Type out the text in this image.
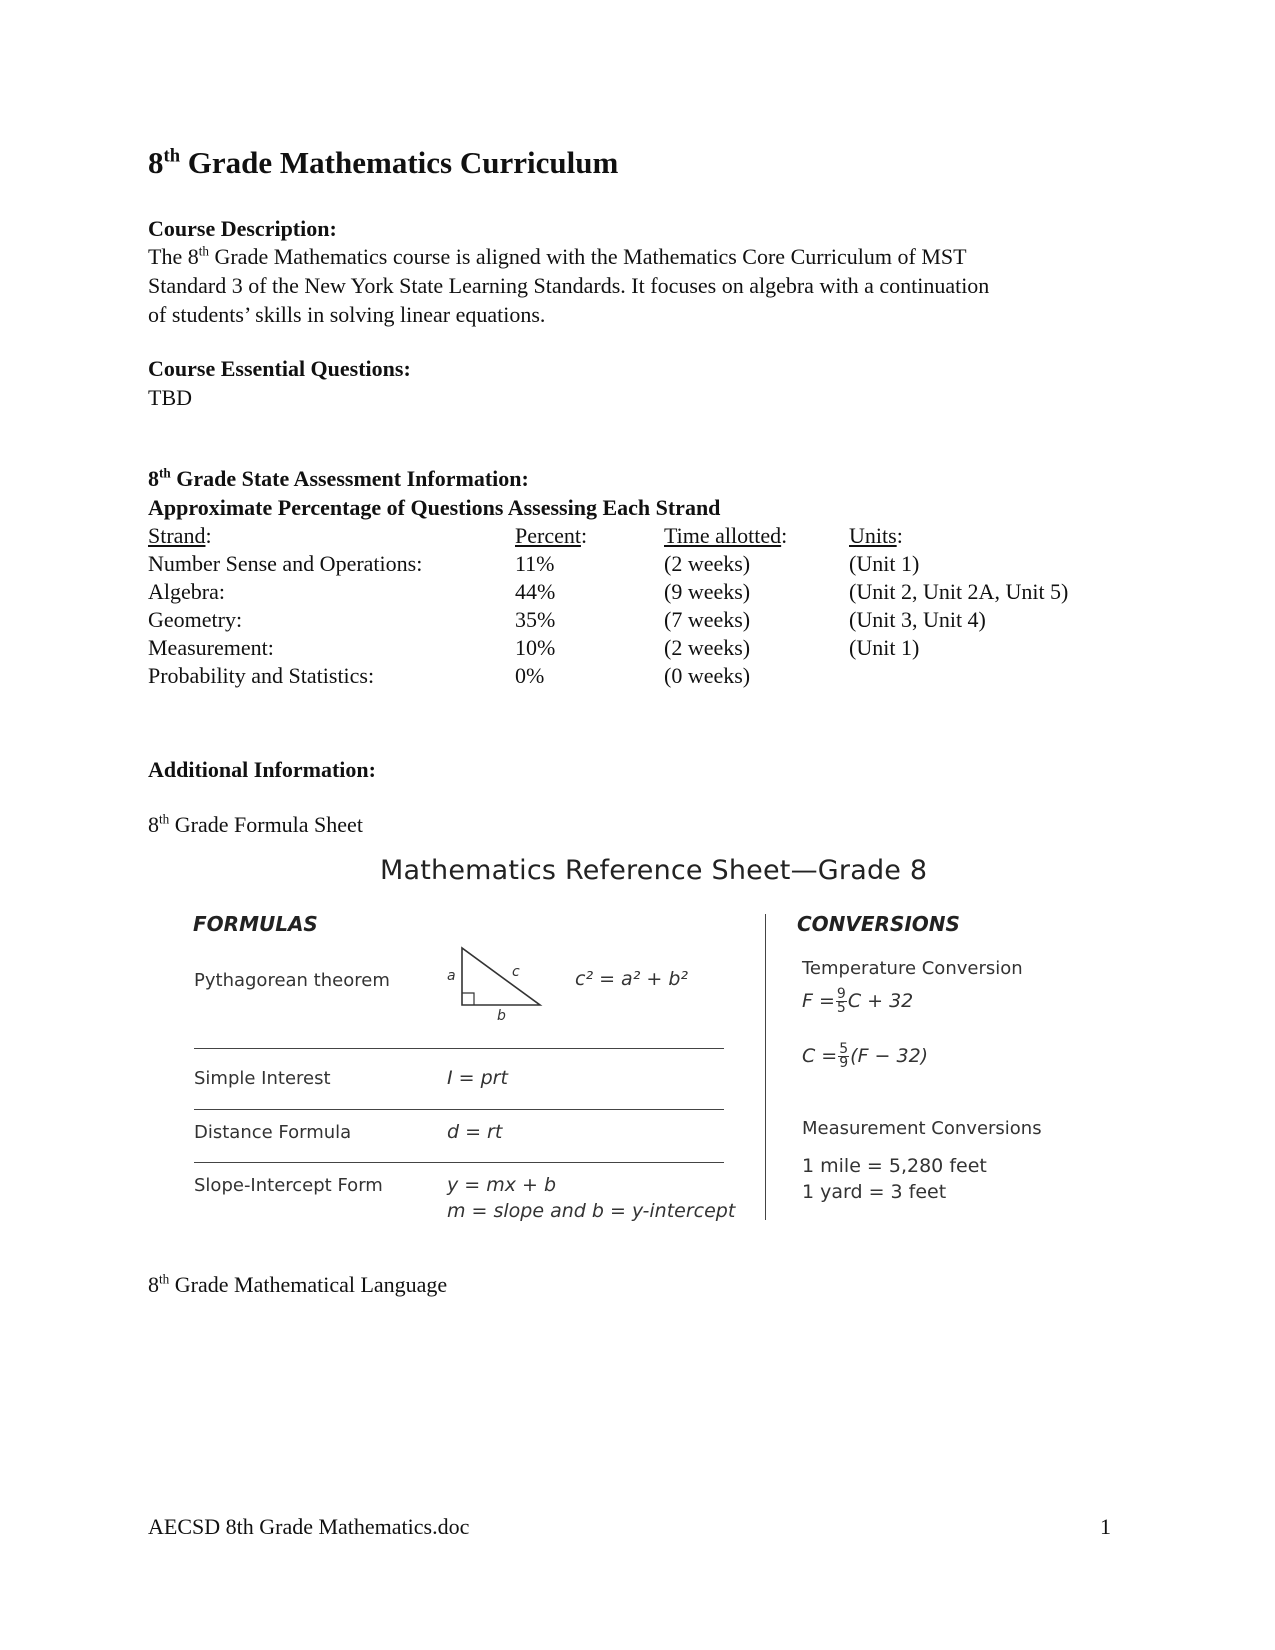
8th Grade Mathematics Curriculum
Course Description:
The 8th Grade Mathematics course is aligned with the Mathematics Core Curriculum of MST
Standard 3 of the New York State Learning Standards. It focuses on algebra with a continuation
of students’ skills in solving linear equations.
Course Essential Questions:
TBD
8th Grade State Assessment Information:
Approximate Percentage of Questions Assessing Each Strand
Strand:	Percent:	Time allotted:	Units:
Number Sense and Operations:	11%	(2 weeks)	(Unit 1)
Algebra:	44%	(9 weeks)	(Unit 2, Unit 2A, Unit 5)
Geometry:	35%	(7 weeks)	(Unit 3, Unit 4)
Measurement:	10%	(2 weeks)	(Unit 1)
Probability and Statistics:	0%	(0 weeks)
Additional Information:
8th Grade Formula Sheet
Mathematics Reference Sheet—Grade 8
FORMULAS	CONVERSIONS
Pythagorean theorem	a	c
b
c² = a² + b²
Simple Interest	I = prt
Distance Formula	d = rt
Slope-Intercept Form	y = mx + b
m = slope and b = y-intercept
Temperature Conversion
$F = \frac{9}{5}$ C + 32
$C = \frac{5}{9} (F - 32)$
Measurement Conversions
1 mile = 5,280 feet
1 yard = 3 feet
8th Grade Mathematical Language
AECSD 8th Grade Mathematics.doc	1
